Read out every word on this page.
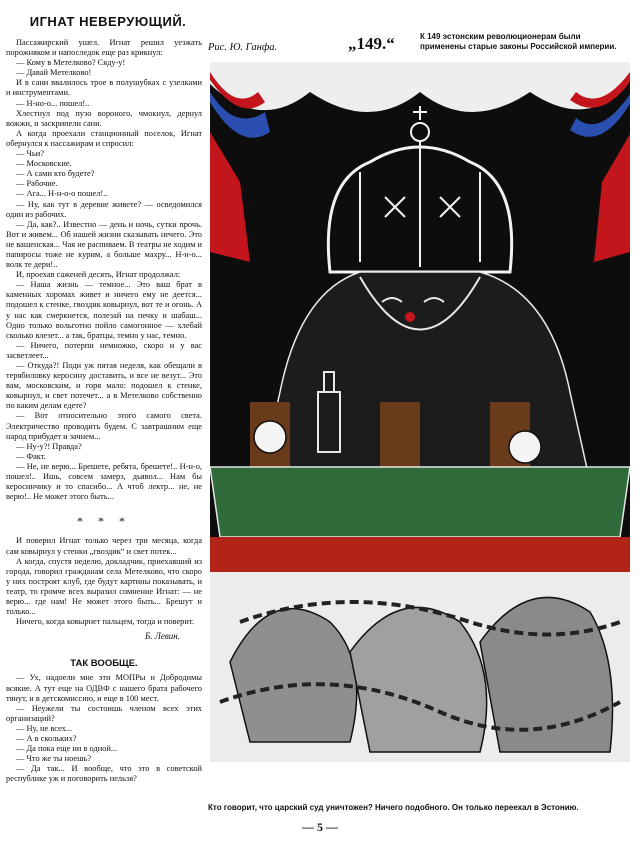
ИГНАТ НЕВЕРУЮЩИЙ.

Пассажирский ушел. Игнат решил уезжать порожняком и напоследок еще раз крикнул:

— Кому в Метелково? Сяду-у!

— Давай Метелково!

И в сани ввалилось трое в полушубках с узелками и инструментами.

— Н-но-о... пошел!..

Хлестнул под пузо вороного, чмокнул, дернул вожжи, и заскрипели сани.

А когда проехали станционный поселок, Игнат обернулся к пассажирам и спросил:

— Чьи?

— Московские.

— А сами кто будете?

— Рабочие.

— Ага... Н-н-о-о пошел!..

— Ну, как тут в деревне живете? — осведомился один из рабочих.

— Да, как?.. Известно — день и ночь, сутки прочь. Вот и живем... Об нашей жизни сказывать нечего. Это не вашенская... Чая не распиваем. В театры не ходим и папиросы тоже не курим, а больше махру... Н-н-о... волк те дери!..

И, проехав саженей десять, Игнат продолжал:

— Наша жизнь — темное... Это ваш брат в каменных хоромах живет и ничего ему не деется... подошел к стенке, гвоздик ковырнул, вот те и огонь. А у нас как смеркнется, полезай на печку и шабаш... Одно только вольготно пойло самогонное — хлебай сколько влезет... а так, братцы, темно у нас, темно.

— Ничего, потерпи немножко, скоро и у вас засветлеет...

— Откуда?! Поди уж пятая неделя, как обещали в терябиловку керосину доставить, и все не везут... Это вам, московским, и горя мало: подошел к стенке, ковырнул, и свет потечет... а в Метелково собственно по каким делам едете?

— Вот относительно этого самого света. Электричество проводить будем. С завтрашним еще народ прибудет и зачнем...

— Ну-у?! Правда?

— Факт.

— Не, не верю... Брешете, ребята, брешете!.. Н-н-о, пошел!.. Ишь, совсем замерз, дьявол... Нам бы керосинчику и то спасибо... А чтоб лектр... не, не верю!.. Не может этого быть...

* * *

И поверил Игнат только через три месяца, когда сам ковырнул у стенки „гвоздик“ и свет потек...

А когда, спустя неделю, докладчик, приехавший из города, говорил гражданам села Метелково, что скоро у них построят клуб, где будут картины показывать, и театр, то громче всех выразил сомнение Игнат: — не верю... где нам! Не может этого быть... Брешут и только...

Ничего, когда ковырнет пальцем, тогда и поверит.

Б. Левин.
ТАК ВООБЩЕ.

— Ух, надоели мне эти МОПРы и Добродимы всякие. А тут еще на ОДВФ с нашего брата рабочего тянут, и в детскомиссию, и еще в 100 мест.

— Неужели ты состоишь членом всех этих организаций?

— Ну, не всех...

— А в скольких?

— Да пока еще ни в одной...

— Что же ты ноешь?

— Да так... И вообще, что это в советской республике уж и поговорить нельзя?

Рис. Ю. Ганфа.	„149.“	К 149 эстонским революционерам были применены старые законы Российской империи.
Кто говорит, что царский суд уничтожен? Ничего подобного. Он только переехал в Эстонию.
— 5 —
